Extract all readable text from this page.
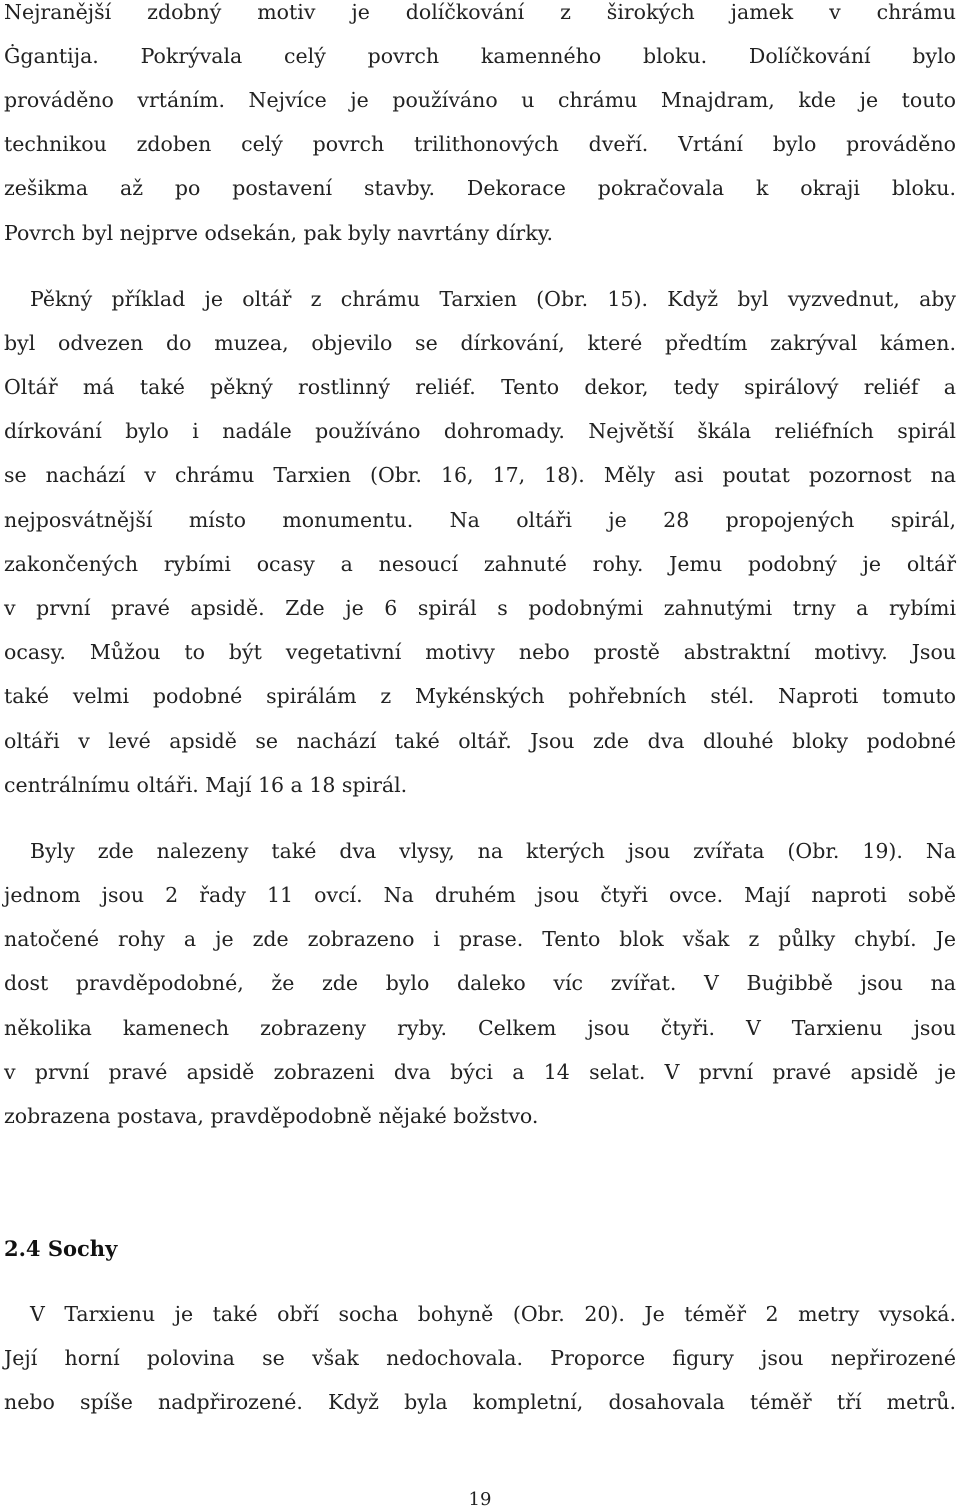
Nejranější zdobný motiv je dolíčkování z širokých jamek v chrámu
Ġgantija. Pokrývala celý povrch kamenného bloku. Dolíčkování bylo
prováděno vrtáním. Nejvíce je používáno u chrámu Mnajdram, kde je touto
technikou zdoben celý povrch trilithonových dveří. Vrtání bylo prováděno
zešikma až po postavení stavby. Dekorace pokračovala k okraji bloku.
Povrch byl nejprve odsekán, pak byly navrtány dírky.
Pěkný příklad je oltář z chrámu Tarxien (Obr. 15). Když byl vyzvednut, aby
byl odvezen do muzea, objevilo se dírkování, které předtím zakrýval kámen.
Oltář má také pěkný rostlinný reliéf. Tento dekor, tedy spirálový reliéf a
dírkování bylo i nadále používáno dohromady. Největší škála reliéfních spirál
se nachází v chrámu Tarxien (Obr. 16, 17, 18). Měly asi poutat pozornost na
nejposvátnější místo monumentu. Na oltáři je 28 propojených spirál,
zakončených rybími ocasy a nesoucí zahnuté rohy. Jemu podobný je oltář
v první pravé apsidě. Zde je 6 spirál s podobnými zahnutými trny a rybími
ocasy. Můžou to být vegetativní motivy nebo prostě abstraktní motivy. Jsou
také velmi podobné spirálám z Mykénských pohřebních stél. Naproti tomuto
oltáři v levé apsidě se nachází také oltář. Jsou zde dva dlouhé bloky podobné
centrálnímu oltáři. Mají 16 a 18 spirál.
Byly zde nalezeny také dva vlysy, na kterých jsou zvířata (Obr. 19). Na
jednom jsou 2 řady 11 ovcí. Na druhém jsou čtyři ovce. Mají naproti sobě
natočené rohy a je zde zobrazeno i prase. Tento blok však z půlky chybí. Je
dost pravděpodobné, že zde bylo daleko víc zvířat. V Buġibbě jsou na
několika kamenech zobrazeny ryby. Celkem jsou čtyři. V Tarxienu jsou
v první pravé apsidě zobrazeni dva býci a 14 selat. V první pravé apsidě je
zobrazena postava, pravděpodobně nějaké božstvo.
2.4 Sochy
V Tarxienu je také obří socha bohyně (Obr. 20). Je téměř 2 metry vysoká.
Její horní polovina se však nedochovala. Proporce figury jsou nepřirozené
nebo spíše nadpřirozené. Když byla kompletní, dosahovala téměř tří metrů.
19
